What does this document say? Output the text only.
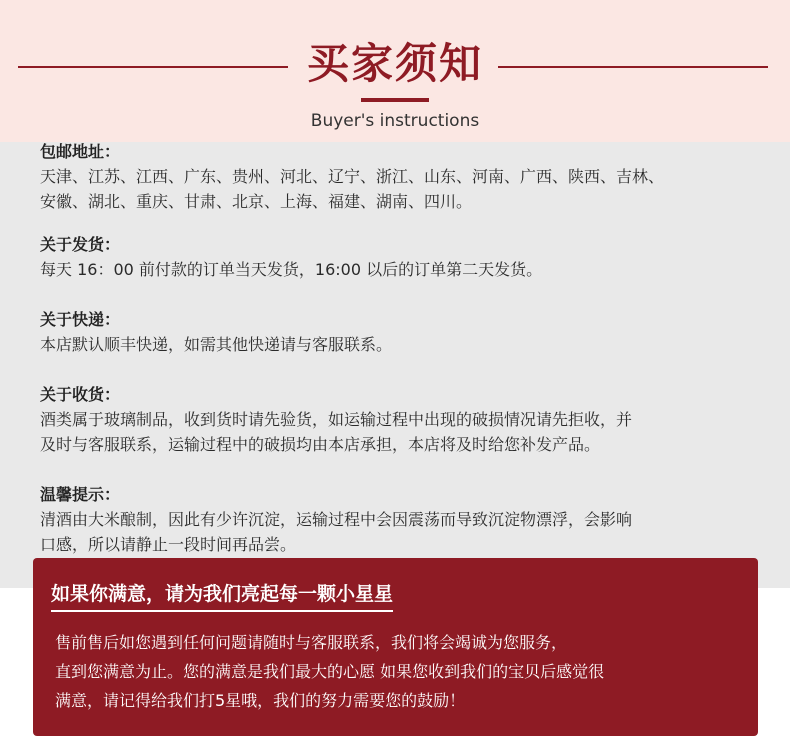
买家须知
Buyer's instructions

包邮地址：

天津、江苏、江西、广东、贵州、河北、辽宁、浙江、山东、河南、广西、陕西、吉林、

安徽、湖北、重庆、甘肃、北京、上海、福建、湖南、四川。

关于发货：

每天 16：00 前付款的订单当天发货，16:00 以后的订单第二天发货。

关于快递：

本店默认顺丰快递，如需其他快递请与客服联系。

关于收货：

酒类属于玻璃制品，收到货时请先验货，如运输过程中出现的破损情况请先拒收，并

及时与客服联系，运输过程中的破损均由本店承担，本店将及时给您补发产品。

温馨提示：

清酒由大米酿制，因此有少许沉淀，运输过程中会因震荡而导致沉淀物漂浮，会影响

口感，所以请静止一段时间再品尝。

如果你满意，请为我们亮起每一颗小星星

售前售后如您遇到任何问题请随时与客服联系，我们将会竭诚为您服务，
直到您满意为止。您的满意是我们最大的心愿 如果您收到我们的宝贝后感觉很
满意，请记得给我们打5星哦，我们的努力需要您的鼓励！
